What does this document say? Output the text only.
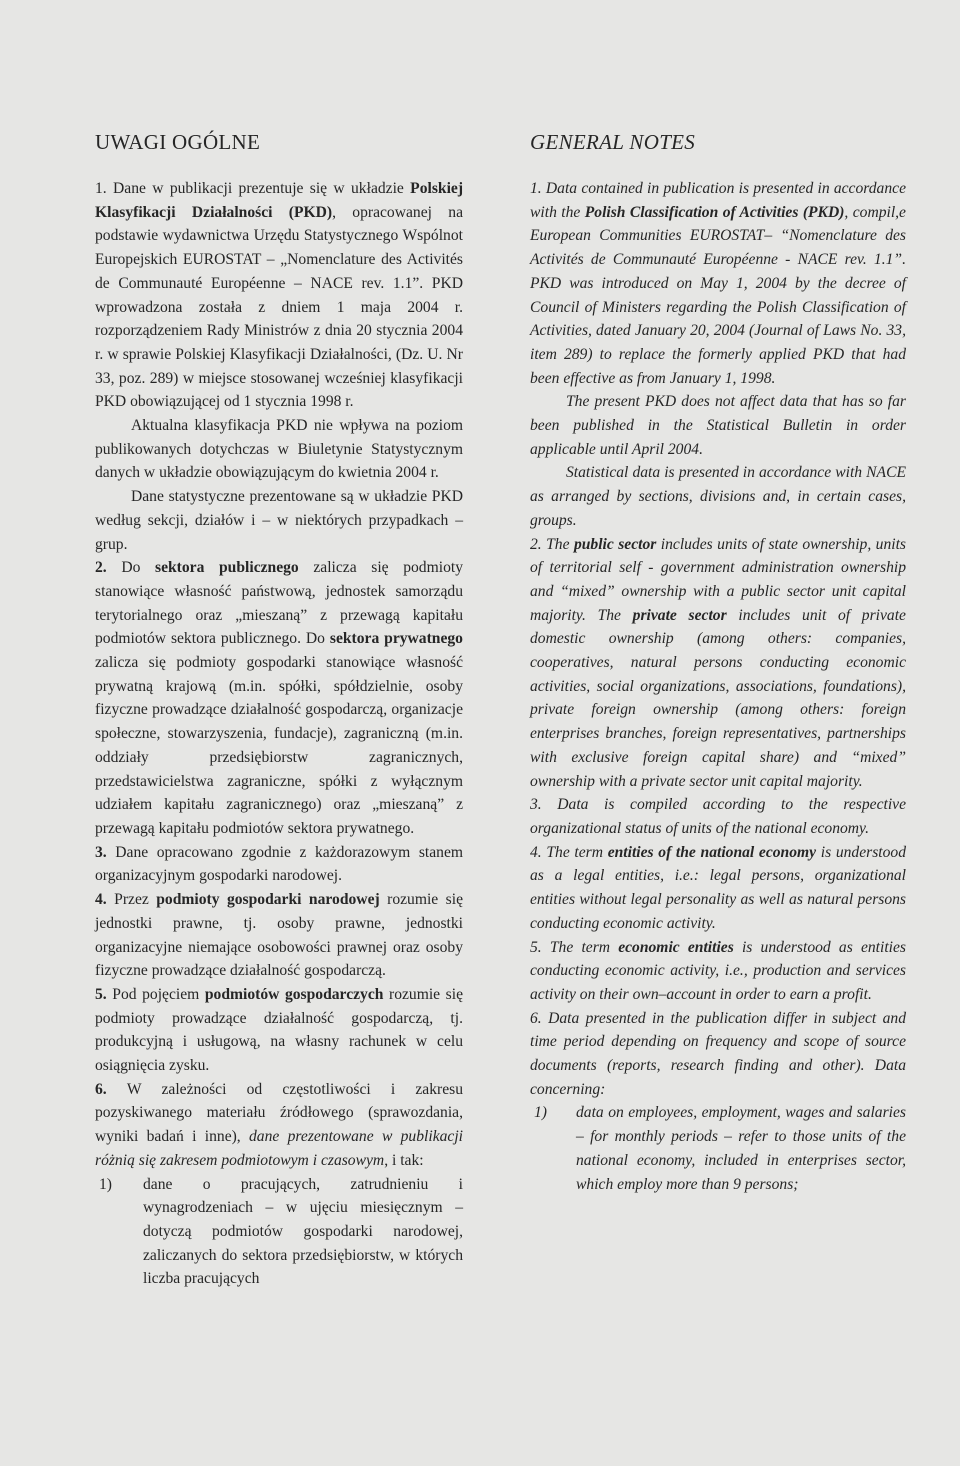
UWAGI OGÓLNE

1. Dane w publikacji prezentuje się w układzie Polskiej Klasyfikacji Działalności (PKD), opracowanej na podstawie wydawnictwa Urzędu Statystycznego Wspólnot Europejskich EUROSTAT – „Nomenclature des Activités de Communauté Européenne – NACE rev. 1.1”. PKD wprowadzona została z dniem 1 maja 2004 r. rozporządzeniem Rady Ministrów z dnia 20 stycznia 2004 r. w sprawie Polskiej Klasyfikacji Działalności, (Dz. U. Nr 33, poz. 289) w miejsce stosowanej wcześniej klasyfikacji PKD obowiązującej od 1 stycznia 1998 r.

Aktualna klasyfikacja PKD nie wpływa na poziom publikowanych dotychczas w Biuletynie Statystycznym danych w układzie obowiązującym do kwietnia 2004 r.

Dane statystyczne prezentowane są w układzie PKD według sekcji, działów i – w niektórych przypadkach – grup.

2. Do sektora publicznego zalicza się podmioty stanowiące własność państwową, jednostek samorządu terytorialnego oraz „mieszaną” z przewagą kapitału podmiotów sektora publicznego. Do sektora prywatnego zalicza się podmioty gospodarki stanowiące własność prywatną krajową (m.in. spółki, spółdzielnie, osoby fizyczne prowadzące działalność gospodarczą, organizacje społeczne, stowarzyszenia, fundacje), zagraniczną (m.in. oddziały przedsiębiorstw zagranicznych, przedstawicielstwa zagraniczne, spółki z wyłącznym udziałem kapitału zagranicznego) oraz „mieszaną” z przewagą kapitału podmiotów sektora prywatnego.

3. Dane opracowano zgodnie z każdorazowym stanem organizacyjnym gospodarki narodowej.

4. Przez podmioty gospodarki narodowej rozumie się jednostki prawne, tj. osoby prawne, jednostki organizacyjne niemające osobowości prawnej oraz osoby fizyczne prowadzące działalność gospodarczą.

5. Pod pojęciem podmiotów gospodarczych rozumie się podmioty prowadzące działalność gospodarczą, tj. produkcyjną i usługową, na własny rachunek w celu osiągnięcia zysku.

6. W zależności od częstotliwości i zakresu pozyskiwanego materiału źródłowego (sprawozdania, wyniki badań i inne), dane prezentowane w publikacji różnią się zakresem podmiotowym i czasowym, i tak:

1) dane o pracujących, zatrudnieniu i wynagrodzeniach – w ujęciu miesięcznym – dotyczą podmiotów gospodarki narodowej, zaliczanych do sektora przedsiębiorstw, w których liczba pracujących
GENERAL NOTES

1. Data contained in publication is presented in accordance with the Polish Classification of Activities (PKD), compil,e European Communities EUROSTAT– “Nomenclature des Activités de Communauté Européenne - NACE rev. 1.1”. PKD was introduced on May 1, 2004 by the decree of Council of Ministers regarding the Polish Classification of Activities, dated January 20, 2004 (Journal of Laws No. 33, item 289) to replace the formerly applied PKD that had been effective as from January 1, 1998.

The present PKD does not affect data that has so far been published in the Statistical Bulletin in order applicable until April 2004.

Statistical data is presented in accordance with NACE as arranged by sections, divisions and, in certain cases, groups.

2. The public sector includes units of state ownership, units of territorial self - government administration ownership and “mixed” ownership with a public sector unit capital majority. The private sector includes unit of private domestic ownership (among others: companies, cooperatives, natural persons conducting economic activities, social organizations, associations, foundations), private foreign ownership (among others: foreign enterprises branches, foreign representatives, partnerships with exclusive foreign capital share) and “mixed” ownership with a private sector unit capital majority.

3. Data is compiled according to the respective organizational status of units of the national economy.

4. The term entities of the national economy is understood as a legal entities, i.e.: legal persons, organizational entities without legal personality as well as natural persons conducting economic activity.

5. The term economic entities is understood as entities conducting economic activity, i.e., production and services activity on their own–account in order to earn a profit.

6. Data presented in the publication differ in subject and time period depending on frequency and scope of source documents (reports, research finding and other). Data concerning:

1) data on employees, employment, wages and salaries – for monthly periods – refer to those units of the national economy, included in enterprises sector, which employ more than 9 persons;
